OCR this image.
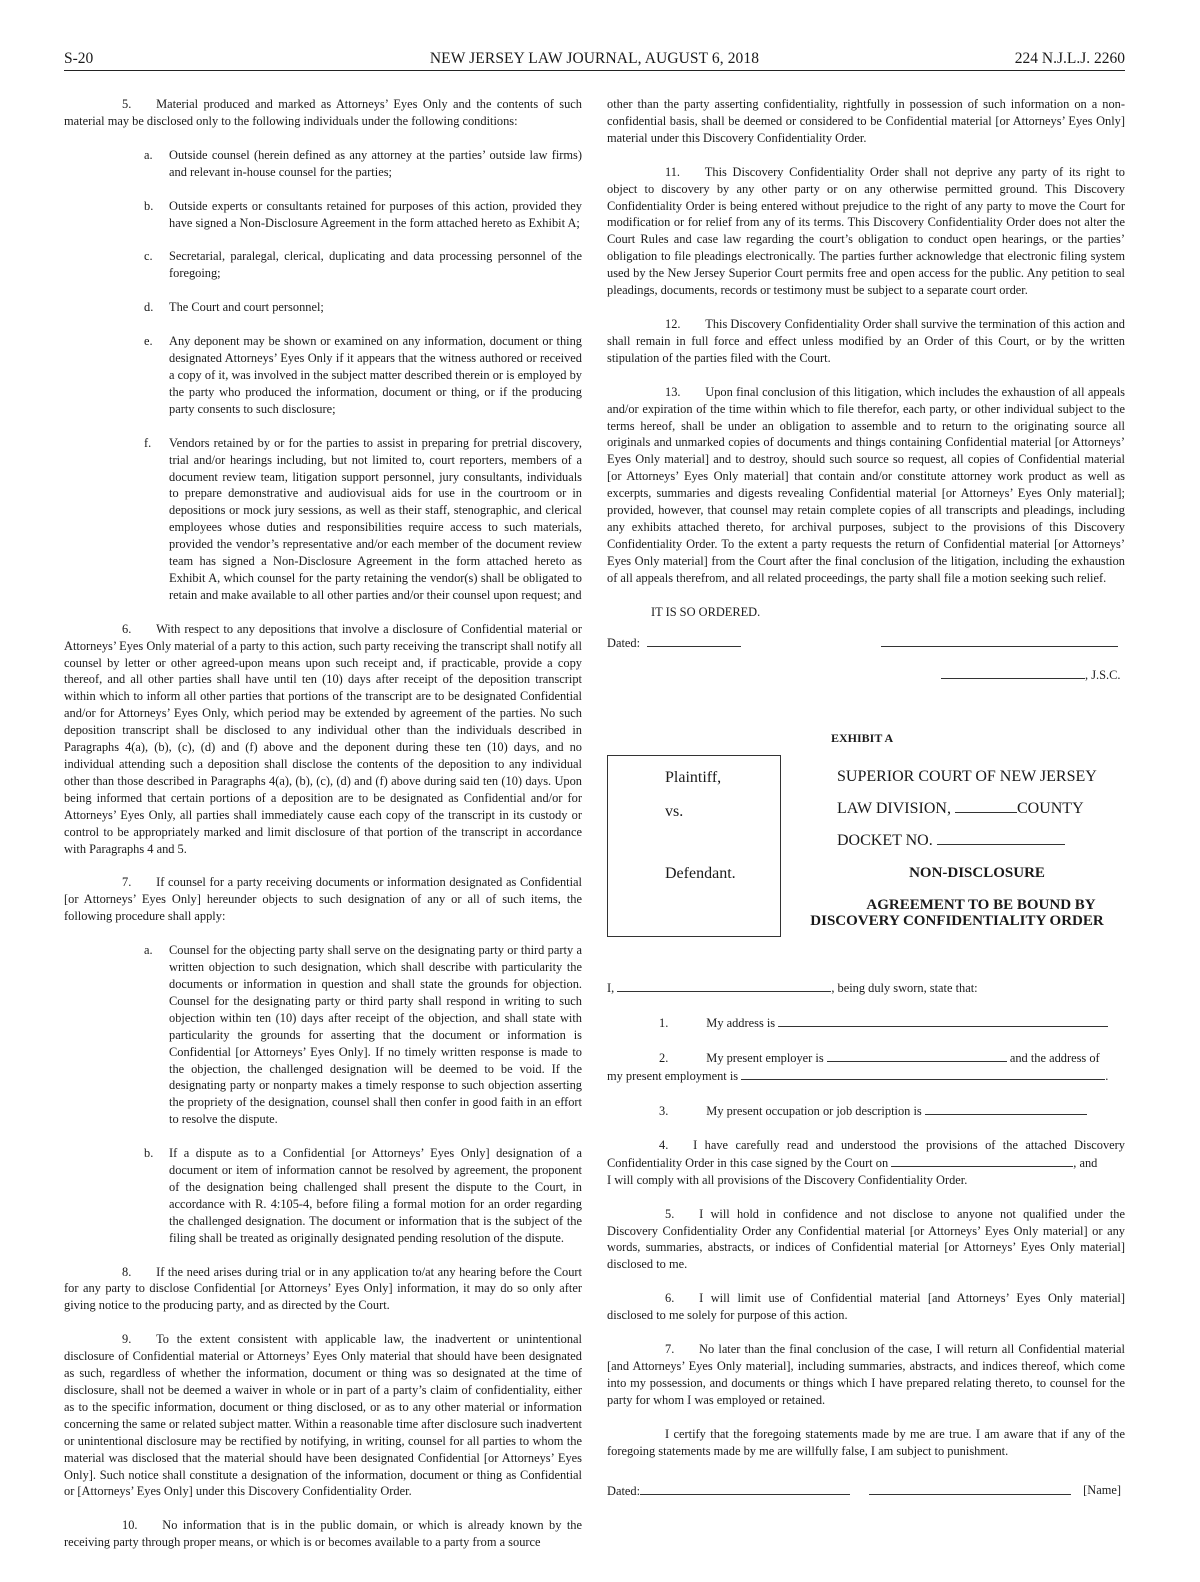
S-20	NEW JERSEY LAW JOURNAL, AUGUST 6, 2018	224 N.J.L.J. 2260

5.  Material produced and marked as Attorneys’ Eyes Only and the contents of such material may be disclosed only to the following individuals under the following conditions:

a. Outside counsel (herein defined as any attorney at the parties’ outside law firms) and relevant in-house counsel for the parties;
b. Outside experts or consultants retained for purposes of this action, provided they have signed a Non-Disclosure Agreement in the form attached hereto as Exhibit A;
c. Secretarial, paralegal, clerical, duplicating and data processing personnel of the foregoing;
d. The Court and court personnel;
e. Any deponent may be shown or examined on any information, document or thing designated Attorneys’ Eyes Only if it appears that the witness authored or received a copy of it, was involved in the subject matter described therein or is employed by the party who produced the information, document or thing, or if the producing party consents to such disclosure;
f. Vendors retained by or for the parties to assist in preparing for pretrial discovery, trial and/or hearings including, but not limited to, court reporters, members of a document review team, litigation support personnel, jury consultants, individuals to prepare demonstrative and audiovisual aids for use in the courtroom or in depositions or mock jury sessions, as well as their staff, stenographic, and clerical employees whose duties and responsibilities require access to such materials, provided the vendor’s representative and/or each member of the document review team has signed a Non-Disclosure Agreement in the form attached hereto as Exhibit A, which counsel for the party retaining the vendor(s) shall be obligated to retain and make available to all other parties and/or their counsel upon request; and

6.  With respect to any depositions that involve a disclosure of Confidential material or Attorneys’ Eyes Only material of a party to this action, such party receiving the transcript shall notify all counsel by letter or other agreed-upon means upon such receipt and, if practicable, provide a copy thereof, and all other parties shall have until ten (10) days after receipt of the deposition transcript within which to inform all other parties that portions of the transcript are to be designated Confidential and/or for Attorneys’ Eyes Only, which period may be extended by agreement of the parties. No such deposition transcript shall be disclosed to any individual other than the individuals described in Paragraphs 4(a), (b), (c), (d) and (f) above and the deponent during these ten (10) days, and no individual attending such a deposition shall disclose the contents of the deposition to any individual other than those described in Paragraphs 4(a), (b), (c), (d) and (f) above during said ten (10) days. Upon being informed that certain portions of a deposition are to be designated as Confidential and/or for Attorneys’ Eyes Only, all parties shall immediately cause each copy of the transcript in its custody or control to be appropriately marked and limit disclosure of that portion of the transcript in accordance with Paragraphs 4 and 5.

7.  If counsel for a party receiving documents or information designated as Confidential [or Attorneys’ Eyes Only] hereunder objects to such designation of any or all of such items, the following procedure shall apply:

a. Counsel for the objecting party shall serve on the designating party or third party a written objection to such designation, which shall describe with particularity the documents or information in question and shall state the grounds for objection. Counsel for the designating party or third party shall respond in writing to such objection within ten (10) days after receipt of the objection, and shall state with particularity the grounds for asserting that the document or information is Confidential [or Attorneys’ Eyes Only]. If no timely written response is made to the objection, the challenged designation will be deemed to be void. If the designating party or nonparty makes a timely response to such objection asserting the propriety of the designation, counsel shall then confer in good faith in an effort to resolve the dispute.
b. If a dispute as to a Confidential [or Attorneys’ Eyes Only] designation of a document or item of information cannot be resolved by agreement, the proponent of the designation being challenged shall present the dispute to the Court, in accordance with R. 4:105-4, before filing a formal motion for an order regarding the challenged designation. The document or information that is the subject of the filing shall be treated as originally designated pending resolution of the dispute.

8.  If the need arises during trial or in any application to/at any hearing before the Court for any party to disclose Confidential [or Attorneys’ Eyes Only] information, it may do so only after giving notice to the producing party, and as directed by the Court.

9.  To the extent consistent with applicable law, the inadvertent or unintentional disclosure of Confidential material or Attorneys’ Eyes Only material that should have been designated as such, regardless of whether the information, document or thing was so designated at the time of disclosure, shall not be deemed a waiver in whole or in part of a party’s claim of confidentiality, either as to the specific information, document or thing disclosed, or as to any other material or information concerning the same or related subject matter. Within a reasonable time after disclosure such inadvertent or unintentional disclosure may be rectified by notifying, in writing, counsel for all parties to whom the material was disclosed that the material should have been designated Confidential [or Attorneys’ Eyes Only]. Such notice shall constitute a designation of the information, document or thing as Confidential or [Attorneys’ Eyes Only] under this Discovery Confidentiality Order.

10.  No information that is in the public domain, or which is already known by the receiving party through proper means, or which is or becomes available to a party from a source

other than the party asserting confidentiality, rightfully in possession of such information on a non-confidential basis, shall be deemed or considered to be Confidential material [or Attorneys’ Eyes Only] material under this Discovery Confidentiality Order.

11.  This Discovery Confidentiality Order shall not deprive any party of its right to object to discovery by any other party or on any otherwise permitted ground. This Discovery Confidentiality Order is being entered without prejudice to the right of any party to move the Court for modification or for relief from any of its terms. This Discovery Confidentiality Order does not alter the Court Rules and case law regarding the court’s obligation to conduct open hearings, or the parties’ obligation to file pleadings electronically. The parties further acknowledge that electronic filing system used by the New Jersey Superior Court permits free and open access for the public. Any petition to seal pleadings, documents, records or testimony must be subject to a separate court order.

12.  This Discovery Confidentiality Order shall survive the termination of this action and shall remain in full force and effect unless modified by an Order of this Court, or by the written stipulation of the parties filed with the Court.

13.  Upon final conclusion of this litigation, which includes the exhaustion of all appeals and/or expiration of the time within which to file therefor, each party, or other individual subject to the terms hereof, shall be under an obligation to assemble and to return to the originating source all originals and unmarked copies of documents and things containing Confidential material [or Attorneys’ Eyes Only material] and to destroy, should such source so request, all copies of Confidential material [or Attorneys’ Eyes Only material] that contain and/or constitute attorney work product as well as excerpts, summaries and digests revealing Confidential material [or Attorneys’ Eyes Only material]; provided, however, that counsel may retain complete copies of all transcripts and pleadings, including any exhibits attached thereto, for archival purposes, subject to the provisions of this Discovery Confidentiality Order. To the extent a party requests the return of Confidential material [or Attorneys’ Eyes Only material] from the Court after the final conclusion of the litigation, including the exhaustion of all appeals therefrom, and all related proceedings, the party shall file a motion seeking such relief.

IT IS SO ORDERED.

Dated:
, J.S.C.

EXHIBIT A

Plaintiff,
vs.
Defendant.
SUPERIOR COURT OF NEW JERSEY
LAW DIVISION,	COUNTY
DOCKET NO.
NON-DISCLOSURE
AGREEMENT TO BE BOUND BY
DISCOVERY CONFIDENTIALITY ORDER
I,	, being duly sworn, state that:
1.	My address is
2.	My present employer is	and the address of
my present employment is	.
3.	My present occupation or job description is
4.  I have carefully read and understood the provisions of the attached Discovery Confidentiality Order in this case signed by the Court on	, and
I will comply with all provisions of the Discovery Confidentiality Order.

5.  I will hold in confidence and not disclose to anyone not qualified under the Discovery Confidentiality Order any Confidential material [or Attorneys’ Eyes Only material] or any words, summaries, abstracts, or indices of Confidential material [or Attorneys’ Eyes Only material] disclosed to me.

6.  I will limit use of Confidential material [and Attorneys’ Eyes Only material] disclosed to me solely for purpose of this action.

7.  No later than the final conclusion of the case, I will return all Confidential material [and Attorneys’ Eyes Only material], including summaries, abstracts, and indices thereof, which come into my possession, and documents or things which I have prepared relating thereto, to counsel for the party for whom I was employed or retained.

I certify that the foregoing statements made by me are true. I am aware that if any of the foregoing statements made by me are willfully false, I am subject to punishment.

Dated:	[Name]
